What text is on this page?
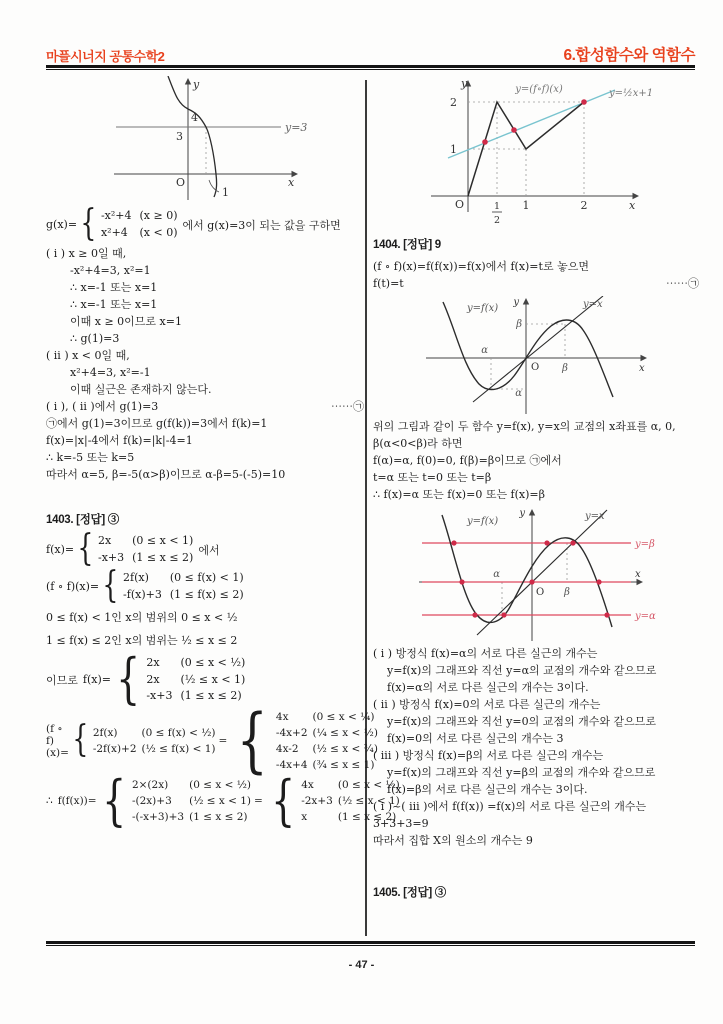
마플시너지 공통수학2	6.합성함수와 역함수
y
x
O
4
3
1
y=3
g(x)= { -x²+4 (x ≥ 0)
x²+4	(x < 0)
에서 g(x)=3이 되는 값을 구하면
( i ) x ≥ 0일 때,
-x²+4=3, x²=1
∴ x=-1 또는 x=1
∴ x=-1 또는 x=1
이때 x ≥ 0이므로 x=1
∴ g(1)=3
( ii ) x < 0일 때,
x²+4=3, x²=-1
이때 실근은 존재하지 않는다.
( i ), ( ii )에서 g(1)=3	⋯⋯㉠
㉠에서 g(1)=3이므로 g(f(k))=3에서 f(k)=1
f(x)=|x|-4에서 f(k)=|k|-4=1
∴ k=-5 또는 k=5
따라서 α=5, β=-5(α>β)이므로 α-β=5-(-5)=10
1403. [정답] ③
f(x)= { 2x	(0 ≤ x < 1)
-x+3 (1 ≤ x ≤ 2)
에서
(f ∘ f)(x)= { 2f(x)	(0 ≤ f(x) < 1)
-f(x)+3 (1 ≤ f(x) ≤ 2)
0 ≤ f(x) < 1인 x의 범위의 0 ≤ x < ½
1 ≤ f(x) ≤ 2인 x의 범위는 ½ ≤ x ≤ 2
이므로 f(x)= { 2x	(0 ≤ x < ½)
2x	(½ ≤ x < 1)
-x+3 (1 ≤ x ≤ 2)
(f ∘ f)(x)= { 2f(x)	(0 ≤ f(x) < ½)
-2f(x)+2 (½ ≤ f(x) < 1)
= { 4x	(0 ≤ x < ¼)
-4x+2 (¼ ≤ x < ½)
4x-2	(½ ≤ x < ¾)
-4x+4 (¾ ≤ x ≤ 1)
∴ f(f(x))= { 2×(2x)	(0 ≤ x < ½)
-(2x)+3	(½ ≤ x < 1)
-(-x+3)+3 (1 ≤ x ≤ 2)
= { 4x	(0 ≤ x < ½)
-2x+3 (½ ≤ x < 1)
x	(1 ≤ x ≤ 2)
y
x
O
2
1
1
2
1	2
y=(f∘f)(x)	y=½x+1
1404. [정답] 9
(f ∘ f)(x)=f(f(x))=f(x)에서 f(x)=t로 놓으면
f(t)=t	⋯⋯㉠
y
x
O
y=f(x)	y=x
α
α
β
β
위의 그림과 같이 두 함수 y=f(x), y=x의 교점의 x좌표를 α, 0,
β(α<0<β)라 하면
f(α)=α, f(0)=0, f(β)=β이므로 ㉠에서
t=α 또는 t=0 또는 t=β
∴ f(x)=α 또는 f(x)=0 또는 f(x)=β
y
x
O
y=f(x)	y=x
y=β
y=α
α
β
( i ) 방정식 f(x)=α의 서로 다른 실근의 개수는
y=f(x)의 그래프와 직선 y=α의 교점의 개수와 같으므로
f(x)=α의 서로 다른 실근의 개수는 3이다.
( ii ) 방정식 f(x)=0의 서로 다른 실근의 개수는
y=f(x)의 그래프와 직선 y=0의 교점의 개수와 같으므로
f(x)=0의 서로 다른 실근의 개수는 3
( iii ) 방정식 f(x)=β의 서로 다른 실근의 개수는
y=f(x)의 그래프와 직선 y=β의 교점의 개수와 같으므로
f(x)=β의 서로 다른 실근의 개수는 3이다.
( i )~( iii )에서 f(f(x)) =f(x)의 서로 다른 실근의 개수는
3+3+3=9
따라서 집합 X의 원소의 개수는 9
1405. [정답] ③
- 47 -
